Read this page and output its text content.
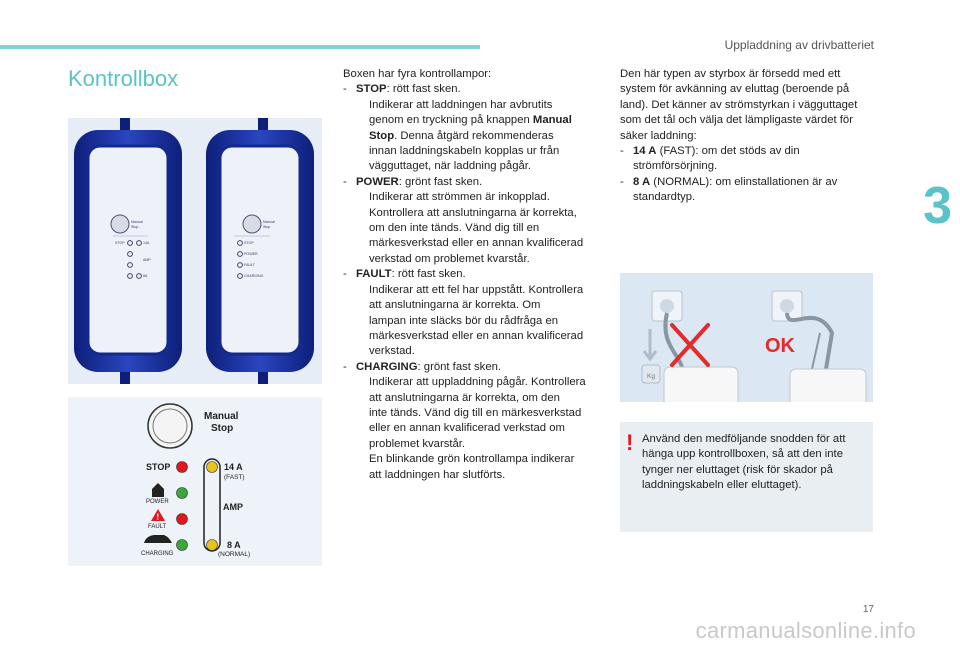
Uppladdning av drivbatteriet
Kontrollbox
3
Manual
Stop
STOP	14A
AMP
8A
Manual
Stop
STOP
POWER
FAULT
CHARGING
Manual
Stop
STOP	14 A
(FAST)
AMP
8 A
(NORMAL)
POWER
FAULT
CHARGING
!

Boxen har fyra kontrollampor:

- STOP: rött fast sken.

Indikerar att laddningen har avbrutits

genom en tryckning på knappen Manual

Stop. Denna åtgärd rekommenderas

innan laddningskabeln kopplas ur från

vägguttaget, när laddning pågår.

- POWER: grönt fast sken.

Indikerar att strömmen är inkopplad.

Kontrollera att anslutningarna är korrekta,

om den inte tänds. Vänd dig till en

märkesverkstad eller en annan kvalificerad

verkstad om problemet kvarstår.

- FAULT: rött fast sken.

Indikerar att ett fel har uppstått. Kontrollera

att anslutningarna är korrekta. Om

lampan inte släcks bör du rådfråga en

märkesverkstad eller en annan kvalificerad

verkstad.

- CHARGING: grönt fast sken.

Indikerar att uppladdning pågår. Kontrollera

att anslutningarna är korrekta, om den

inte tänds. Vänd dig till en märkesverkstad

eller en annan kvalificerad verkstad om

problemet kvarstår.

En blinkande grön kontrollampa indikerar

att laddningen har slutförts.

Den här typen av styrbox är försedd med ett

system för avkänning av eluttag (beroende på

land). Det känner av strömstyrkan i vägguttaget

som det tål och välja det lämpligaste värdet för

säker laddning:

- 14 A (FAST): om det stöds av din

strömförsörjning.

- 8 A (NORMAL): om elinstallationen är av

standardtyp.

Kg
OK
! Använd den medföljande snodden för att

hänga upp kontrollboxen, så att den inte

tynger ner eluttaget (risk för skador på

laddningskabeln eller eluttaget).

17
carmanualsonline.info
